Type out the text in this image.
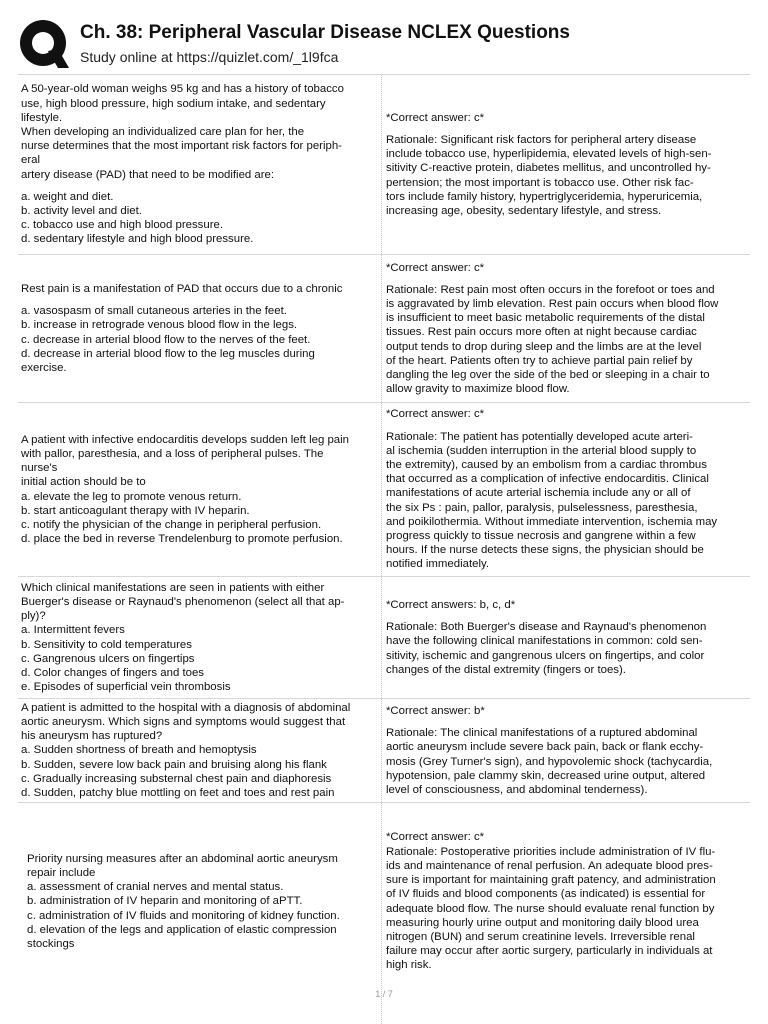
Ch. 38: Peripheral Vascular Disease NCLEX Questions
Study online at https://quizlet.com/_1l9fca
A 50-year-old woman weighs 95 kg and has a history of tobacco
use, high blood pressure, high sodium intake, and sedentary
lifestyle.
When developing an individualized care plan for her, the
nurse determines that the most important risk factors for periph-
eral
artery disease (PAD) that need to be modified are:
a. weight and diet.
b. activity level and diet.
c. tobacco use and high blood pressure.
d. sedentary lifestyle and high blood pressure.
*Correct answer: c*
Rationale: Significant risk factors for peripheral artery disease
include tobacco use, hyperlipidemia, elevated levels of high-sen-
sitivity C-reactive protein, diabetes mellitus, and uncontrolled hy-
pertension; the most important is tobacco use. Other risk fac-
tors include family history, hypertriglyceridemia, hyperuricemia,
increasing age, obesity, sedentary lifestyle, and stress.
Rest pain is a manifestation of PAD that occurs due to a chronic
a. vasospasm of small cutaneous arteries in the feet.
b. increase in retrograde venous blood flow in the legs.
c. decrease in arterial blood flow to the nerves of the feet.
d. decrease in arterial blood flow to the leg muscles during
exercise.
*Correct answer: c*
Rationale: Rest pain most often occurs in the forefoot or toes and
is aggravated by limb elevation. Rest pain occurs when blood flow
is insufficient to meet basic metabolic requirements of the distal
tissues. Rest pain occurs more often at night because cardiac
output tends to drop during sleep and the limbs are at the level
of the heart. Patients often try to achieve partial pain relief by
dangling the leg over the side of the bed or sleeping in a chair to
allow gravity to maximize blood flow.
A patient with infective endocarditis develops sudden left leg pain
with pallor, paresthesia, and a loss of peripheral pulses. The
nurse's
initial action should be to
a. elevate the leg to promote venous return.
b. start anticoagulant therapy with IV heparin.
c. notify the physician of the change in peripheral perfusion.
d. place the bed in reverse Trendelenburg to promote perfusion.
*Correct answer: c*
Rationale: The patient has potentially developed acute arteri-
al ischemia (sudden interruption in the arterial blood supply to
the extremity), caused by an embolism from a cardiac thrombus
that occurred as a complication of infective endocarditis. Clinical
manifestations of acute arterial ischemia include any or all of
the six Ps : pain, pallor, paralysis, pulselessness, paresthesia,
and poikilothermia. Without immediate intervention, ischemia may
progress quickly to tissue necrosis and gangrene within a few
hours. If the nurse detects these signs, the physician should be
notified immediately.
Which clinical manifestations are seen in patients with either
Buerger's disease or Raynaud's phenomenon (select all that ap-
ply)?
a. Intermittent fevers
b. Sensitivity to cold temperatures
c. Gangrenous ulcers on fingertips
d. Color changes of fingers and toes
e. Episodes of superficial vein thrombosis
*Correct answers: b, c, d*
Rationale: Both Buerger's disease and Raynaud's phenomenon
have the following clinical manifestations in common: cold sen-
sitivity, ischemic and gangrenous ulcers on fingertips, and color
changes of the distal extremity (fingers or toes).
A patient is admitted to the hospital with a diagnosis of abdominal
aortic aneurysm. Which signs and symptoms would suggest that
his aneurysm has ruptured?
a. Sudden shortness of breath and hemoptysis
b. Sudden, severe low back pain and bruising along his flank
c. Gradually increasing substernal chest pain and diaphoresis
d. Sudden, patchy blue mottling on feet and toes and rest pain
*Correct answer: b*
Rationale: The clinical manifestations of a ruptured abdominal
aortic aneurysm include severe back pain, back or flank ecchy-
mosis (Grey Turner's sign), and hypovolemic shock (tachycardia,
hypotension, pale clammy skin, decreased urine output, altered
level of consciousness, and abdominal tenderness).
Priority nursing measures after an abdominal aortic aneurysm
repair include
a. assessment of cranial nerves and mental status.
b. administration of IV heparin and monitoring of aPTT.
c. administration of IV fluids and monitoring of kidney function.
d. elevation of the legs and application of elastic compression
stockings
*Correct answer: c*
Rationale: Postoperative priorities include administration of IV flu-
ids and maintenance of renal perfusion. An adequate blood pres-
sure is important for maintaining graft patency, and administration
of IV fluids and blood components (as indicated) is essential for
adequate blood flow. The nurse should evaluate renal function by
measuring hourly urine output and monitoring daily blood urea
nitrogen (BUN) and serum creatinine levels. Irreversible renal
failure may occur after aortic surgery, particularly in individuals at
high risk.
1 / 7
